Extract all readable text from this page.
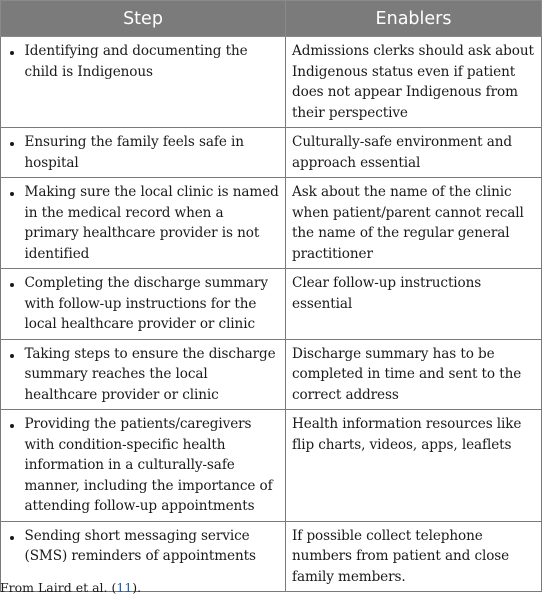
Step		Enablers
	Identifying and documenting the child is Indigenous	Admissions clerks should ask about Indigenous status even if patient does not appear Indigenous from their perspective
	Ensuring the family feels safe in hospital	Culturally-safe environment and approach essential
	Making sure the local clinic is named in the medical record when a primary healthcare provider is not identified	Ask about the name of the clinic when patient/parent cannot recall the name of the regular general practitioner
	Completing the discharge summary with follow-up instructions for the local healthcare provider or clinic	Clear follow-up instructions essential
	Taking steps to ensure the discharge summary reaches the local healthcare provider or clinic	Discharge summary has to be completed in time and sent to the correct address
	Providing the patients/caregivers with condition-specific health information in a culturally-safe manner, including the importance of attending follow-up appointments	Health information resources like flip charts, videos, apps, leaflets
	Sending short messaging service (SMS) reminders of appointments	If possible collect telephone numbers from patient and close family members.
From Laird et al. (11).
